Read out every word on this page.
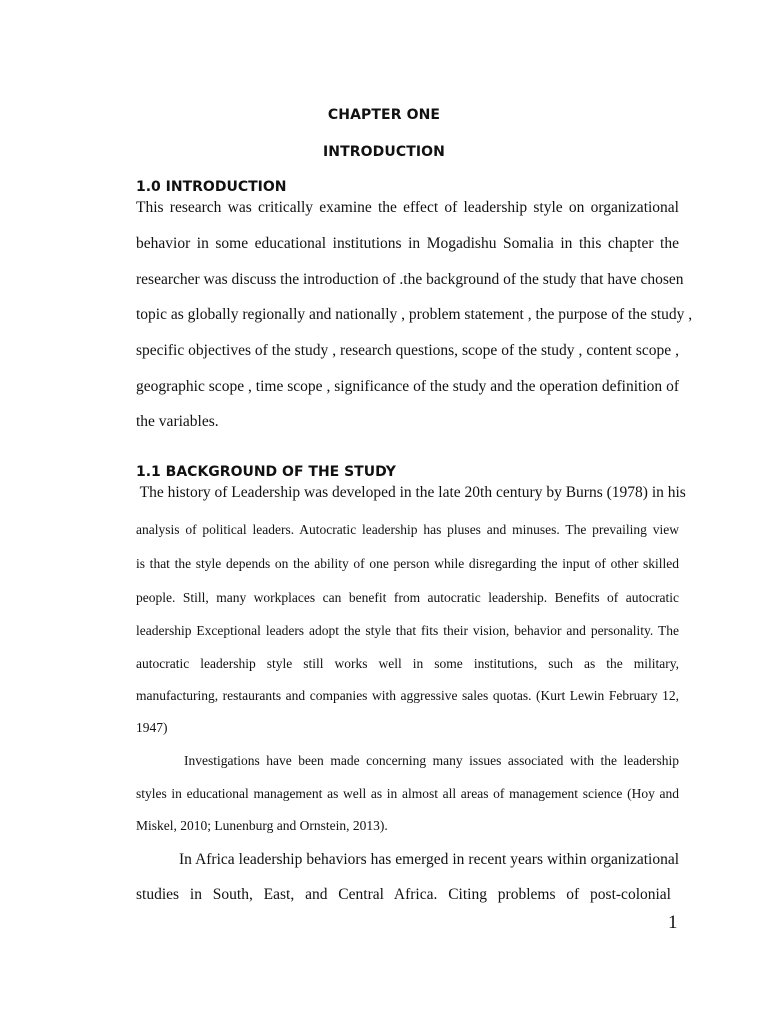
CHAPTER ONE
INTRODUCTION
1.0 INTRODUCTION
This research was critically examine the effect of leadership style on organizational
behavior in some educational institutions in Mogadishu Somalia in this chapter the
researcher was discuss the introduction of .the background of the study that have chosen
topic as globally regionally and nationally , problem statement , the purpose of the study ,
specific objectives of the study , research questions, scope of the study , content scope ,
geographic scope , time scope , significance of the study and the operation definition of
the variables.
1.1 BACKGROUND OF THE STUDY
The history of Leadership was developed in the late 20th century by Burns (1978) in his
analysis of political leaders. Autocratic leadership has pluses and minuses. The prevailing view
is that the style depends on the ability of one person while disregarding the input of other skilled
people. Still, many workplaces can benefit from autocratic leadership. Benefits of autocratic
leadership Exceptional leaders adopt the style that fits their vision, behavior and personality. The
autocratic leadership style still works well in some institutions, such as the military,
manufacturing, restaurants and companies with aggressive sales quotas. (Kurt Lewin February 12,
1947)
Investigations have been made concerning many issues associated with the leadership
styles in educational management as well as in almost all areas of management science (Hoy and
Miskel, 2010; Lunenburg and Ornstein, 2013).
In Africa leadership behaviors has emerged in recent years within organizational
studies in South, East, and Central Africa. Citing problems of post-colonial
1
